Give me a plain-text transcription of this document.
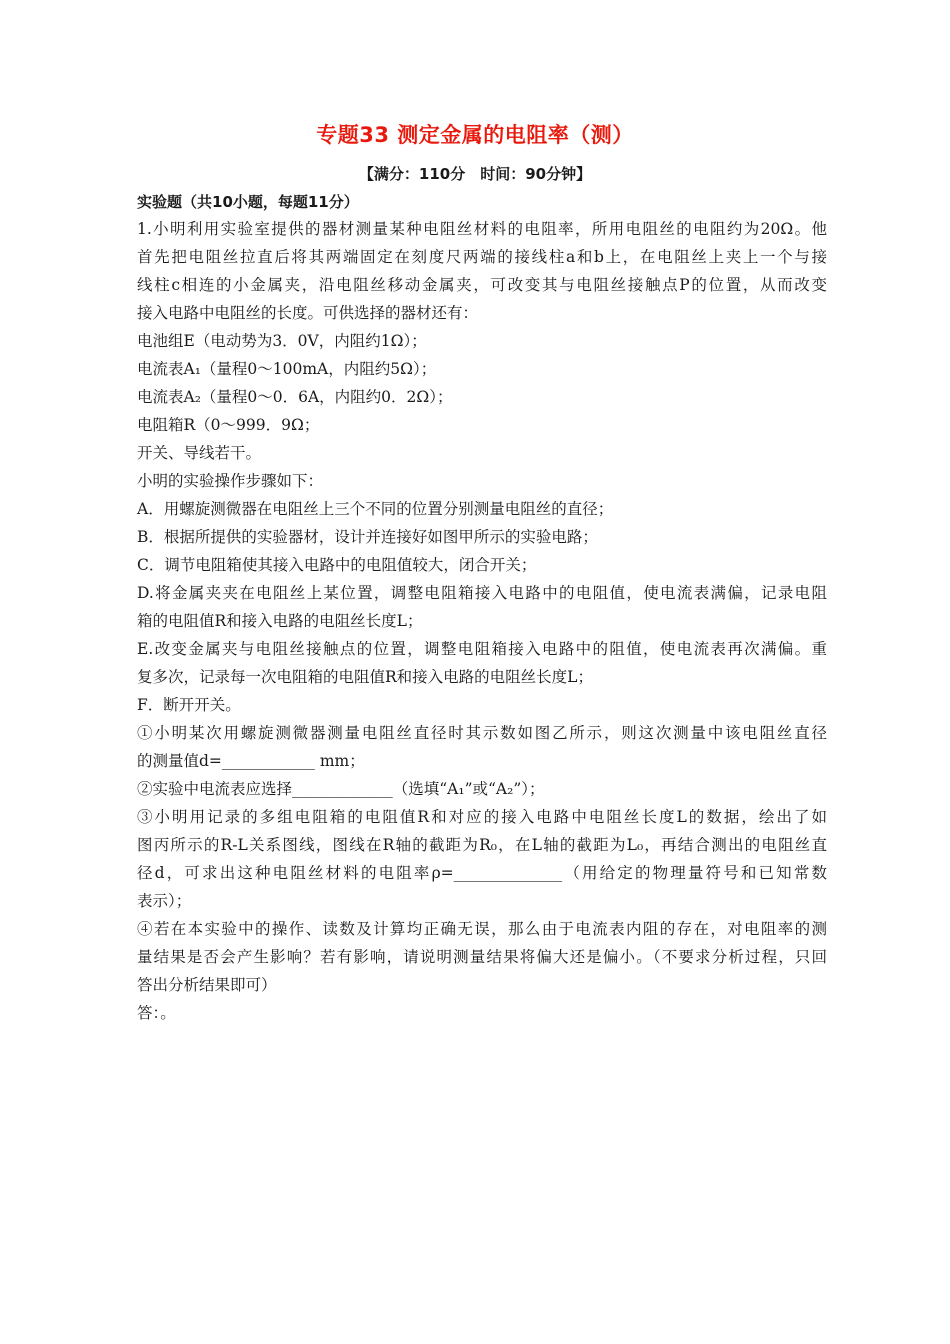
专题33 测定金属的电阻率（测）
【满分：110分　时间：90分钟】
实验题（共10小题，每题11分）
1.小明利用实验室提供的器材测量某种电阻丝材料的电阻率，所用电阻丝的电阻约为20Ω。他
首先把电阻丝拉直后将其两端固定在刻度尺两端的接线柱a和b上，在电阻丝上夹上一个与接
线柱c相连的小金属夹，沿电阻丝移动金属夹，可改变其与电阻丝接触点P的位置，从而改变
接入电路中电阻丝的长度。可供选择的器材还有：
电池组E（电动势为3．0V，内阻约1Ω）；
电流表A₁（量程0～100mA，内阻约5Ω）；
电流表A₂（量程0～0．6A，内阻约0．2Ω）；
电阻箱R（0～999．9Ω；
开关、导线若干。
小明的实验操作步骤如下：
A．用螺旋测微器在电阻丝上三个不同的位置分别测量电阻丝的直径；
B．根据所提供的实验器材，设计并连接好如图甲所示的实验电路；
C．调节电阻箱使其接入电路中的电阻值较大，闭合开关；
D.将金属夹夹在电阻丝上某位置，调整电阻箱接入电路中的电阻值，使电流表满偏，记录电阻
箱的电阻值R和接入电路的电阻丝长度L；
E.改变金属夹与电阻丝接触点的位置，调整电阻箱接入电路中的阻值，使电流表再次满偏。重
复多次，记录每一次电阻箱的电阻值R和接入电路的电阻丝长度L；
F．断开开关。
①小明某次用螺旋测微器测量电阻丝直径时其示数如图乙所示，则这次测量中该电阻丝直径
的测量值d=____________ mm；
②实验中电流表应选择_____________（选填“A₁”或“A₂”）；
③小明用记录的多组电阻箱的电阻值R和对应的接入电路中电阻丝长度L的数据，绘出了如
图丙所示的R-L关系图线，图线在R轴的截距为R₀，在L轴的截距为L₀，再结合测出的电阻丝直
径d，可求出这种电阻丝材料的电阻率ρ=______________（用给定的物理量符号和已知常数
表示）；
④若在本实验中的操作、读数及计算均正确无误，那么由于电流表内阻的存在，对电阻率的测
量结果是否会产生影响？若有影响，请说明测量结果将偏大还是偏小。（不要求分析过程，只回
答出分析结果即可）
答：。
